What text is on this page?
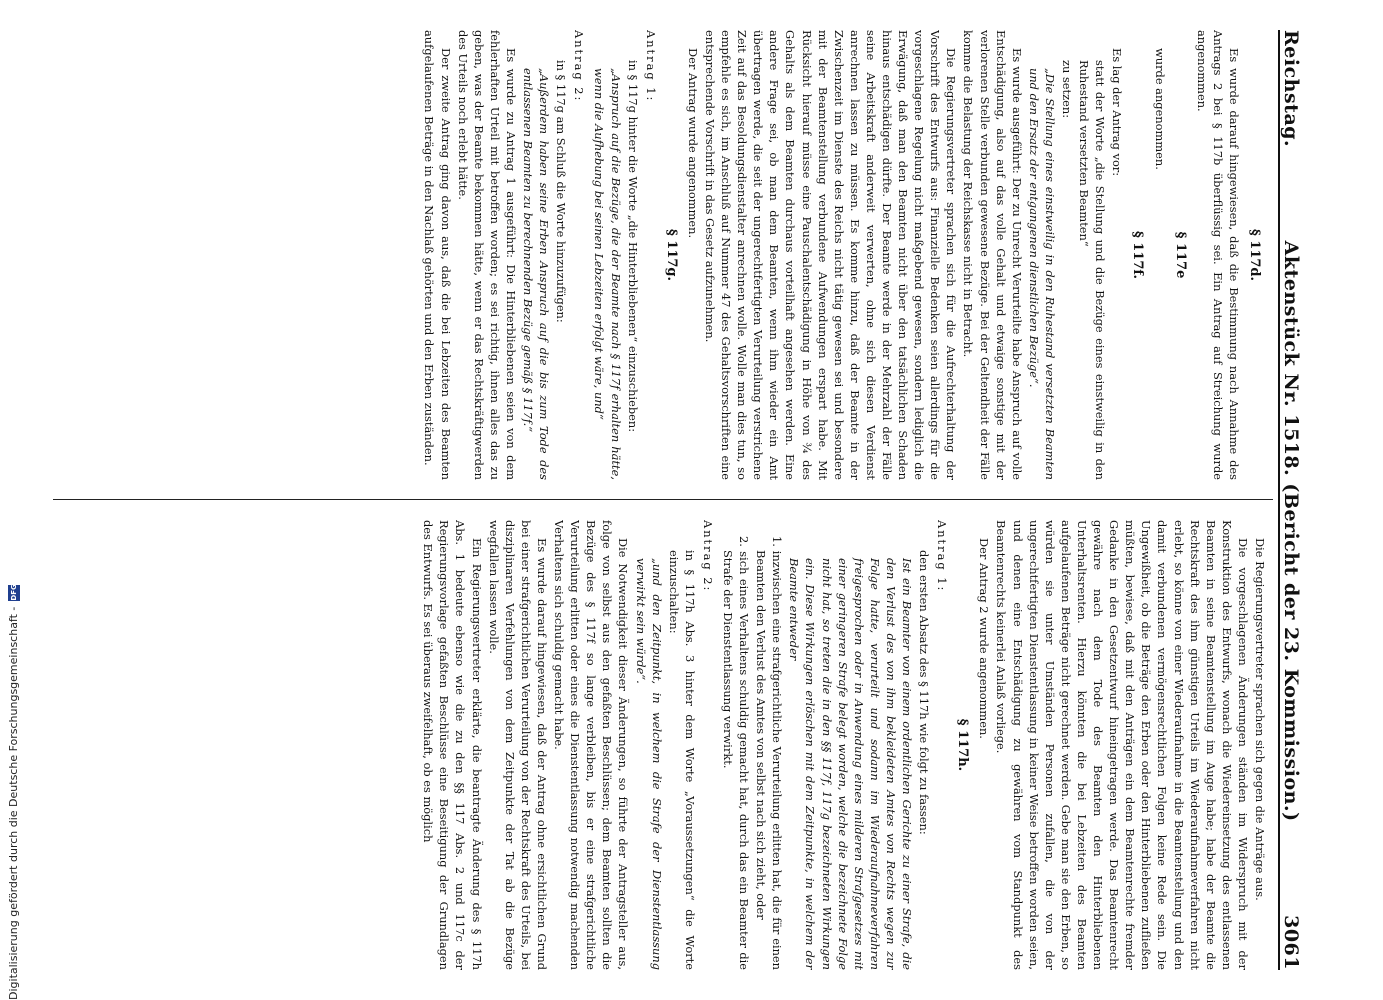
Reichstag.
Aktenstück Nr. 1518. (Bericht der 23. Kommission.)
3061

§ 117d.

Es wurde darauf hingewiesen, daß die Bestimmung nach Annahme des Antrags 2 bei § 117b überflüssig sei. Ein Antrag auf Streichung wurde angenommen.

§ 117e

wurde angenommen.

§ 117f.

Es lag der Antrag vor:

statt der Worte „die Stellung und die Bezüge eines einstweilig in den Ruhestand versetzten Beamten“

zu setzen:

„Die Stellung eines einstweilig in den Ruhestand versetzten Beamten und den Ersatz der entgangenen dienstlichen Bezüge“.

Es wurde ausgeführt: Der zu Unrecht Verurteilte habe Anspruch auf volle Entschädigung, also auf das volle Gehalt und etwaige sonstige mit der verlorenen Stelle verbunden gewesene Bezüge. Bei der Geltendheit der Fälle komme die Belastung der Reichskasse nicht in Betracht.

Die Regierungsvertreter sprachen sich für die Aufrechterhaltung der Vorschrift des Entwurfs aus: Finanzielle Bedenken seien allerdings für die vorgeschlagene Regelung nicht maßgebend gewesen, sondern lediglich die Erwägung, daß man den Beamten nicht über den tatsächlichen Schaden hinaus entschädigen dürfte. Der Beamte werde in der Mehrzahl der Fälle seine Arbeitskraft anderweit verwerten, ohne sich diesen Verdienst anrechnen lassen zu müssen. Es komme hinzu, daß der Beamte in der Zwischenzeit im Dienste des Reichs nicht tätig gewesen sei und besondere mit der Beamtenstellung verbundene Aufwendungen erspart habe. Mit Rücksicht hierauf müsse eine Pauschalentschädigung in Höhe von ¾ des Gehalts als dem Beamten durchaus vorteilhaft angesehen werden. Eine andere Frage sei, ob man dem Beamten, wenn ihm wieder ein Amt übertragen werde, die seit der ungerechtfertigten Verurteilung verstrichene Zeit auf das Besoldungsdienstalter anrechnen wolle. Wolle man dies tun, so empfehle es sich, im Anschluß auf Nummer 47 des Gehaltsvorschriften eine entsprechende Vorschrift in das Gesetz aufzunehmen.

Der Antrag wurde angenommen.

§ 117g.

Antrag 1:

in § 117g hinter die Worte „die Hinterbliebenen“ einzuschieben:

„Anspruch auf die Bezüge, die der Beamte nach § 117f erhalten hätte, wenn die Aufhebung bei seinen Lebzeiten erfolgt wäre, und“

Antrag 2:

in § 117g am Schluß die Worte hinzuzufügen:

„Außerdem haben seine Erben Anspruch auf die bis zum Tode des entlassenen Beamten zu berechnenden Bezüge gemäß § 117f.“

Es wurde zu Antrag 1 ausgeführt: Die Hinterbliebenen seien von dem fehlerhaften Urteil mit betroffen worden; es sei richtig, ihnen alles das zu geben, was der Beamte bekommen hätte, wenn er das Rechtskräftigwerden des Urteils noch erlebt hätte.

Der zweite Antrag ging davon aus, daß die bei Lebzeiten des Beamten aufgelaufenen Beträge in den Nachlaß gehörten und den Erben zuständen.

Die Regierungsvertreter sprachen sich gegen die Anträge aus.

Die vorgeschlagenen Änderungen ständen im Widerspruch mit der Konstruktion des Entwurfs, wonach die Wiedereinsetzung des entlassenen Beamten in seine Beamtenstellung im Auge habe; habe der Beamte die Rechtskraft des ihm günstigen Urteils im Wiederaufnahmeverfahren nicht erlebt, so könne von einer Wiederaufnahme in die Beamtenstellung und den damit verbundenen vermögensrechtlichen Folgen keine Rede sein. Die Ungewißheit, ob die Beträge den Erben oder den Hinterbliebenen zufließen müßten, bewiese, daß mit den Anträgen ein dem Beamtenrechte fremder Gedanke in den Gesetzentwurf hineingetragen werde. Das Beamtenrecht gewähre nach dem Tode des Beamten den Hinterbliebenen Unterhaltsrenten. Hierzu könnten die bei Lebzeiten des Beamten aufgelaufenen Beträge nicht gerechnet werden. Gebe man sie den Erben, so würden sie unter Umständen Personen zufallen, die von der ungerechtfertigten Dienstentlassung in keiner Weise betroffen worden seien, und denen eine Entschädigung zu gewähren vom Standpunkt des Beamtenrechts keinerlei Anlaß vorliege.

Der Antrag 2 wurde angenommen.

§ 117h.

Antrag 1:

den ersten Absatz des § 117h wie folgt zu fassen:

Ist ein Beamter von einem ordentlichen Gerichte zu einer Strafe, die den Verlust des von ihm bekleideten Amtes von Rechts wegen zur Folge hatte, verurteilt und sodann im Wiederaufnahmeverfahren freigesprochen oder in Anwendung eines milderen Strafgesetzes mit einer geringeren Strafe belegt worden, welche die bezeichnete Folge nicht hat, so treten die in den §§ 117f, 117g bezeichneten Wirkungen ein. Diese Wirkungen erlöschen mit dem Zeitpunkte, in welchem der Beamte entweder

1. inzwischen eine strafgerichtliche Verurteilung erlitten hat, die für einen Beamten den Verlust des Amtes von selbst nach sich zieht, oder

2. sich eines Verhaltens schuldig gemacht hat, durch das ein Beamter die Strafe der Dienstentlassung verwirkt.

Antrag 2:

in § 117h Abs. 3 hinter dem Worte „Voraussetzungen“ die Worte einzuschalten:

„und den Zeitpunkt, in welchem die Strafe der Dienstentlassung verwirkt sein würde“.

Die Notwendigkeit dieser Änderungen, so führte der Antragsteller aus, folge von selbst aus den gefaßten Beschlüssen; dem Beamten sollten die Bezüge des § 117f so lange verbleiben, bis er eine strafgerichtliche Verurteilung erlitten oder eines die Dienstentlassung notwendig machenden Verhaltens sich schuldig gemacht habe.

Es wurde darauf hingewiesen, daß der Antrag ohne ersichtlichen Grund bei einer strafgerichtlichen Verurteilung von der Rechtskraft des Urteils, bei disziplinaren Verfehlungen von dem Zeitpunkte der Tat ab die Bezüge wegfallen lassen wolle.

Ein Regierungsvertreter erklärte, die beantragte Änderung des § 117h Abs. 1 bedeute ebenso wie die zu den §§ 117 Abs. 2 und 117c der Regierungsvorlage gefaßten Beschlüsse eine Beseitigung der Grundlagen des Entwurfs. Es sei überaus zweifelhaft, ob es möglich

Digitalisierung gefördert durch die Deutsche Forschungsgemeinschaft -
DFG
